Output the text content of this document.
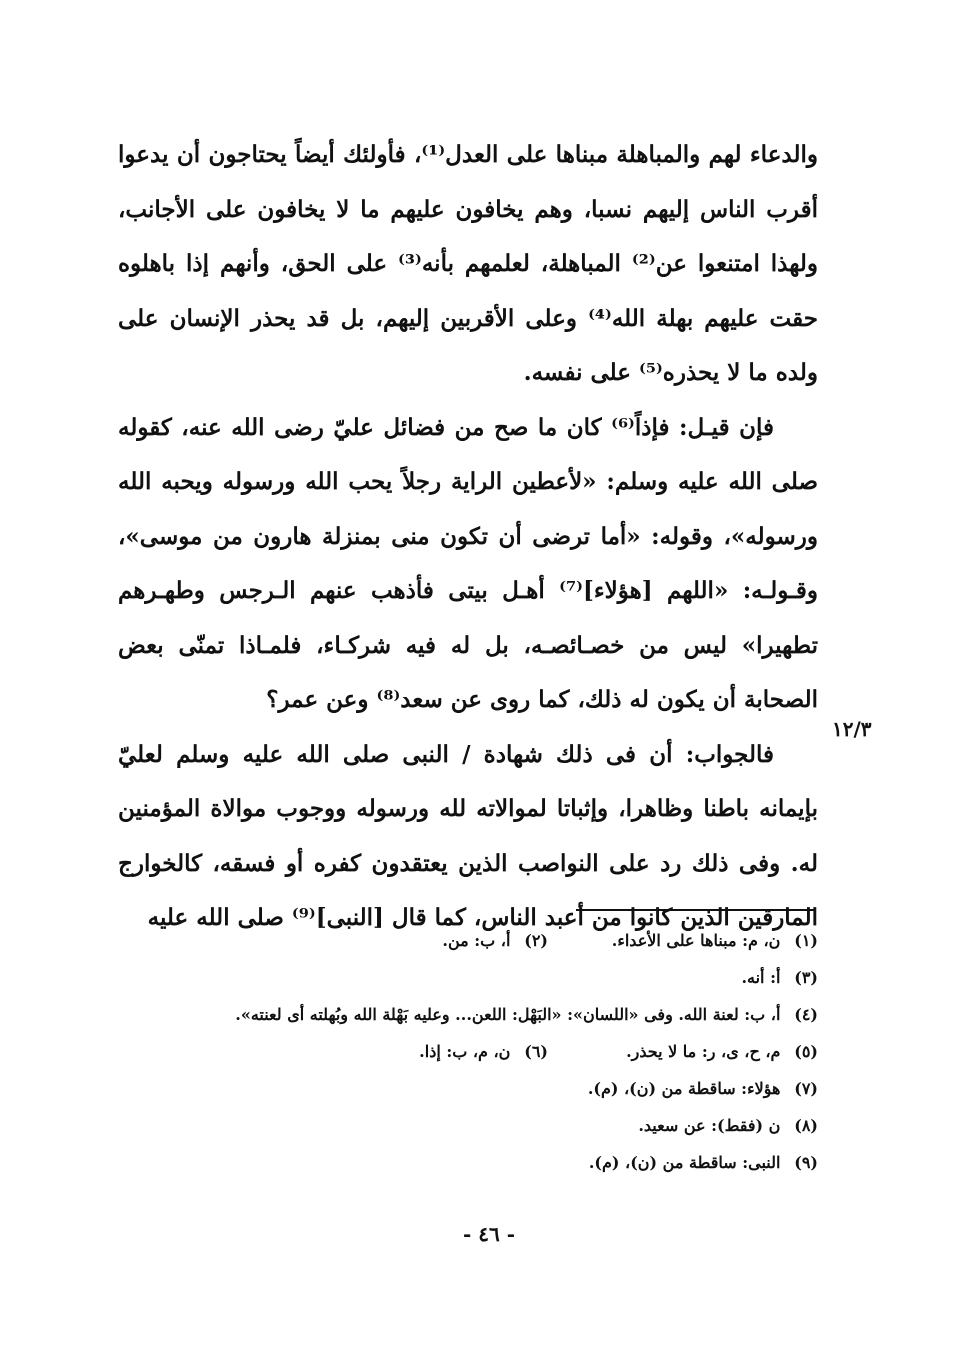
والدعاء لهم والمباهلة مبناها على العدل⁽¹⁾، فأولئك أيضاً يحتاجون أن يدعوا أقرب الناس إليهم نسبا، وهم يخافون عليهم ما لا يخافون على الأجانب، ولهذا امتنعوا عن⁽²⁾ المباهلة، لعلمهم بأنه⁽³⁾ على الحق، وأنهم إذا باهلوه حقت عليهم بهلة الله⁽⁴⁾ وعلى الأقربين إليهم، بل قد يحذر الإنسان على ولده ما لا يحذره⁽⁵⁾ على نفسه.

فإن قيـل: فإذاً⁽⁶⁾ كان ما صح من فضائل عليّ رضى الله عنه، كقوله صلى الله عليه وسلم: «لأعطين الراية رجلاً يحب الله ورسوله ويحبه الله ورسوله»، وقوله: «أما ترضى أن تكون منى بمنزلة هارون من موسى»، وقـولـه: «اللهم [هؤلاء]⁽⁷⁾ أهـل بيتى فأذهب عنهم الـرجس وطهـرهم تطهيرا» ليس من خصـائصـه، بل له فيه شركـاء، فلمـاذا تمنّى بعض الصحابة أن يكون له ذلك، كما روى عن سعد⁽⁸⁾ وعن عمر؟

فالجواب: أن فى ذلك شهادة / النبى صلى الله عليه وسلم لعليّ بإيمانه باطنا وظاهرا، وإثباتا لموالاته لله ورسوله ووجوب موالاة المؤمنين له. وفى ذلك رد على النواصب الذين يعتقدون كفره أو فسقه، كالخوارج المارقين الذين كانوا من أعبد الناس، كما قال [النبى]⁽⁹⁾ صلى الله عليه

١٢/٣
(١) ن، م: مبناها على الأعداء.
(٢) أ، ب: من.
(٣) أ: أنه.
(٤) أ، ب: لعنة الله. وفى «اللسان»: «البَهْل: اللعن... وعليه بَهْلة الله وبُهلته أى لعنته».
(٥) م، ح، ى، ر: ما لا يحذر.
(٦) ن، م، ب: إذا.
(٧) هؤلاء: ساقطة من (ن)، (م).
(٨) ن (فقط): عن سعيد.
(٩) النبى: ساقطة من (ن)، (م).
- ٤٦ -
